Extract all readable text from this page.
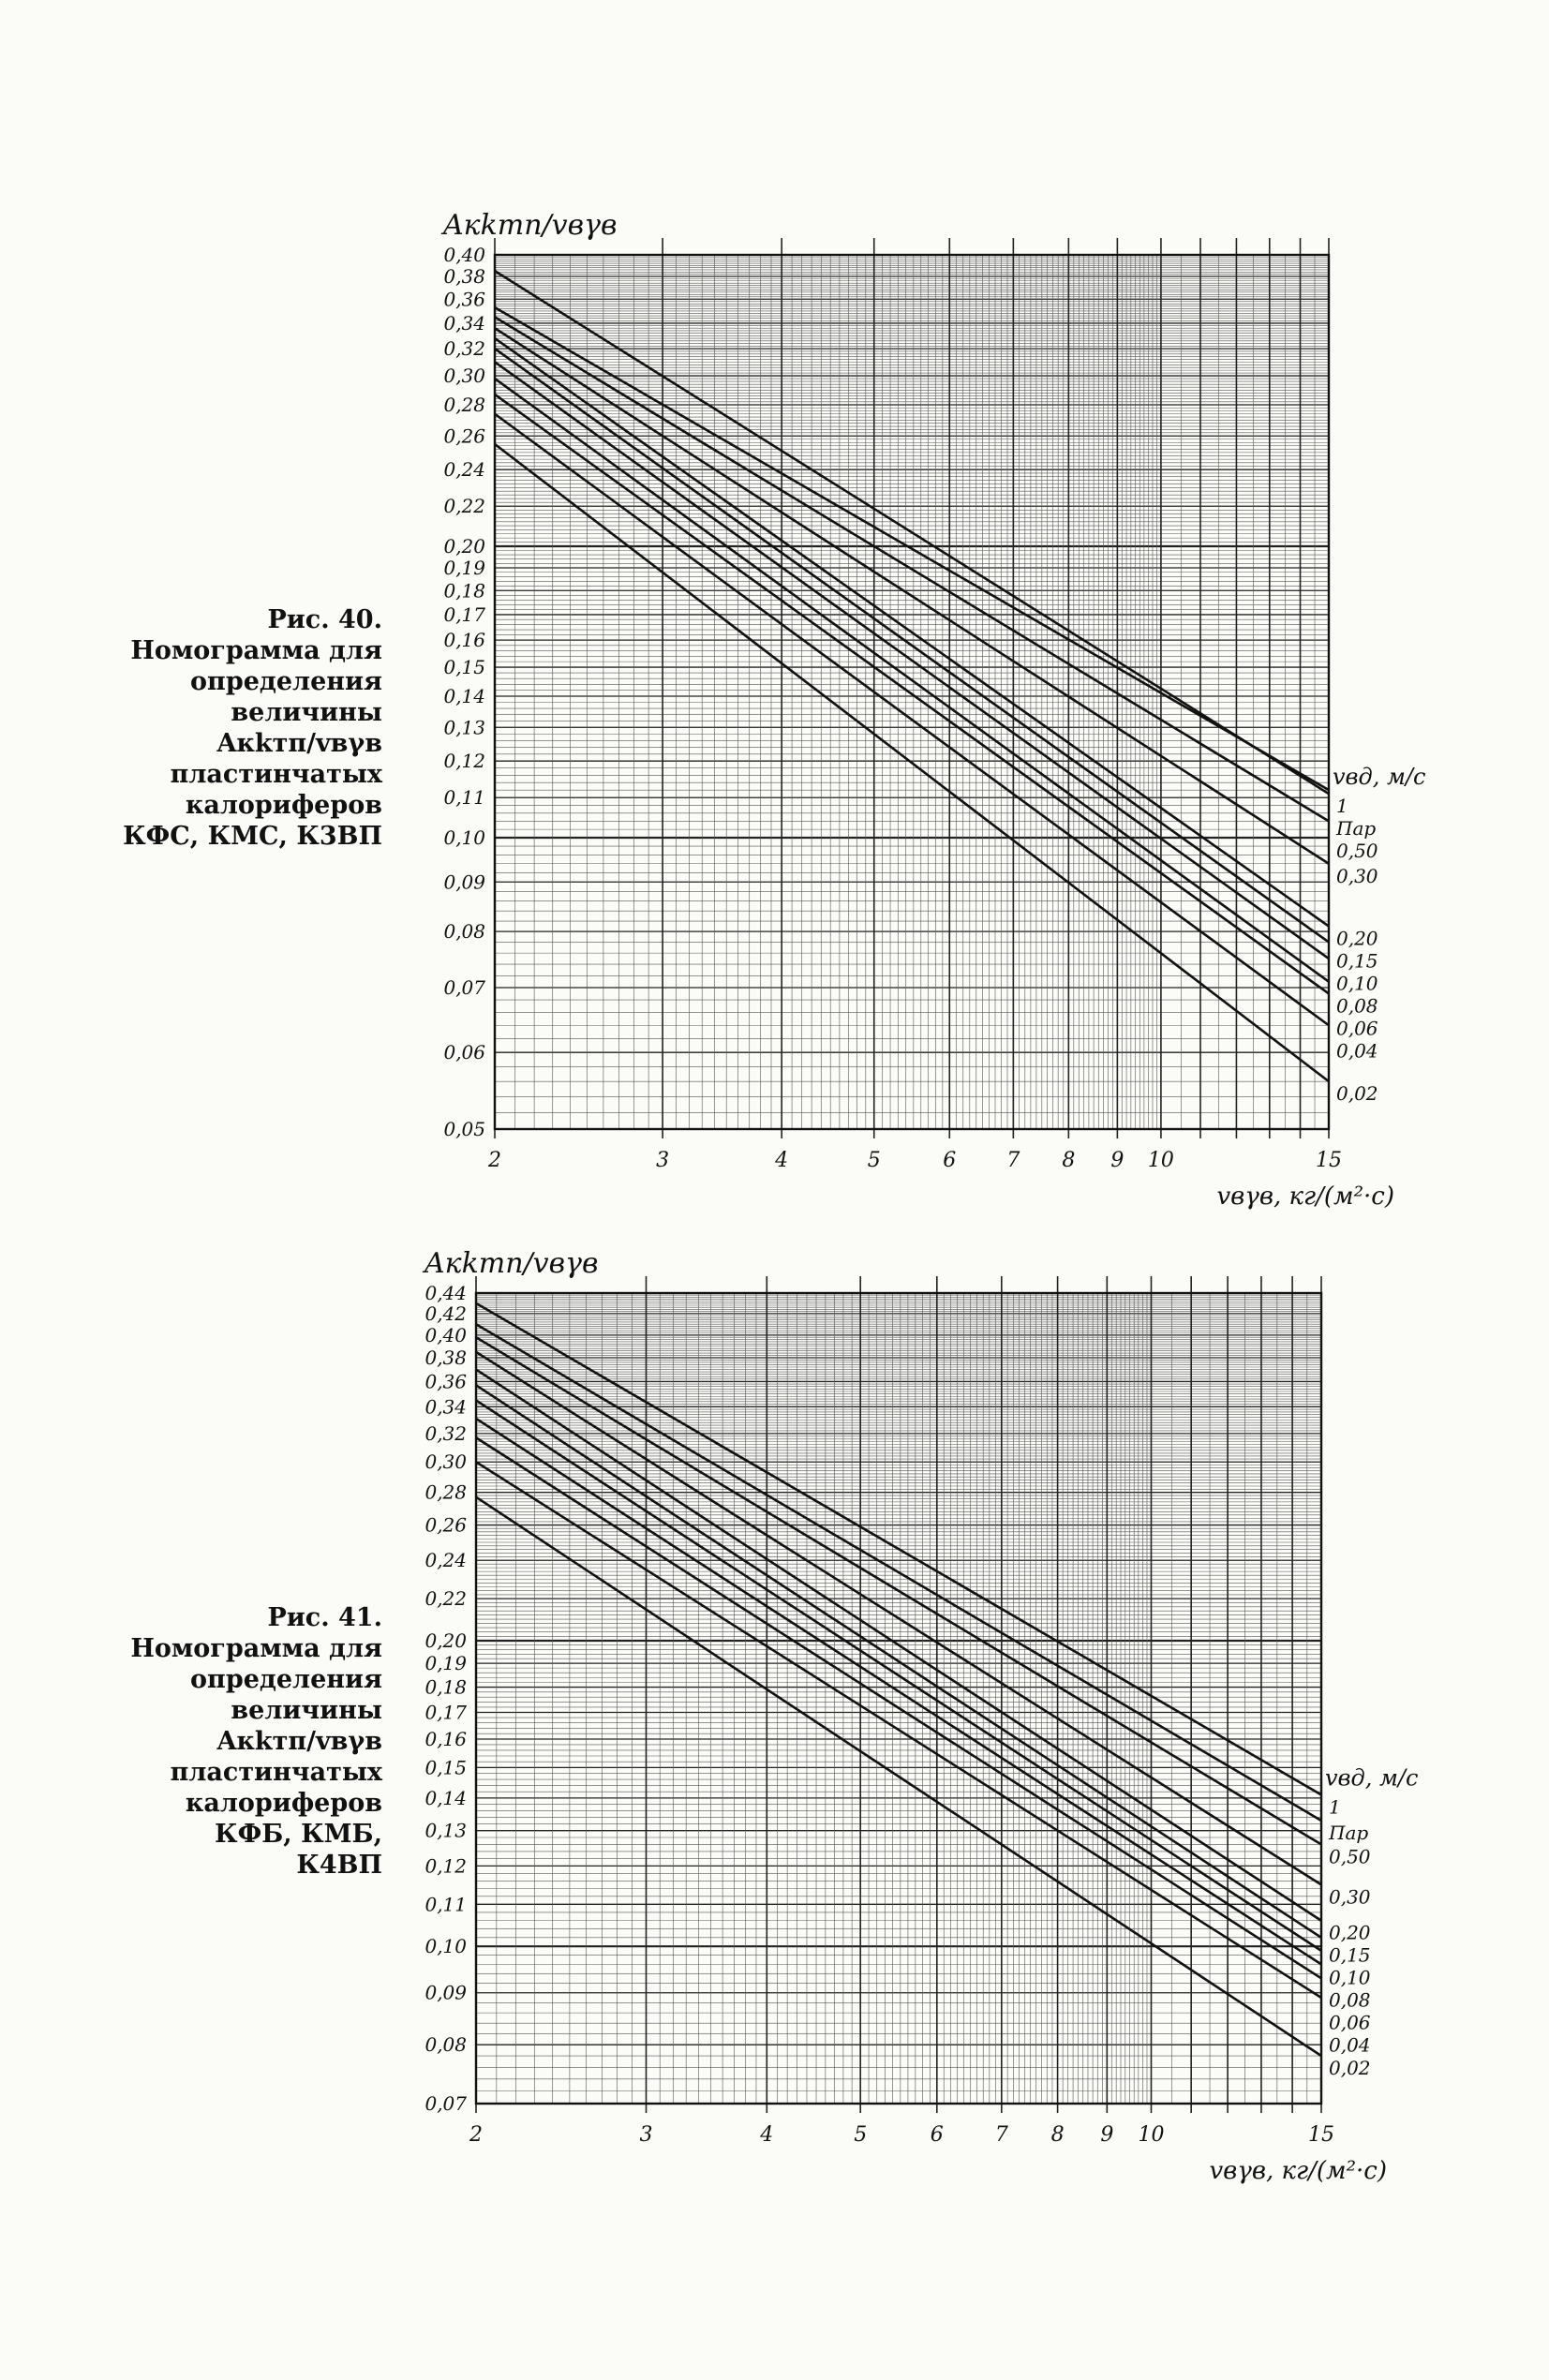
Рис. 40. Номограмма для определения величины Aкkтп/vвγв пластинчатых калориферов КФС, КМС, К3ВП
Рис. 41. Номограмма для определения величины Aкkтп/vвγв пластинчатых калориферов КФБ, КМБ, К4ВП
0,40
0,38
0,36
0,34
0,32
0,30
0,28
0,26
0,24
0,22
0,20
0,19
0,18
0,17
0,16
0,15
0,14
0,13
0,12
0,11
0,10
0,09
0,08
0,07
0,06
0,05
2	3	4	5	6 7 8 9 10	15
Aкkтп/vвγв
vвγв, кг/(м²·с)
1
Пар
0,50
0,30
0,20
0,15
0,10
0,08
0,06
0,04
0,02
vвд, м/с
0,44
0,42
0,40
0,38
0,36
0,34
0,32
0,30
0,28
0,26
0,24
0,22
0,20
0,19
0,18
0,17
0,16
0,15
0,14
0,13
0,12
0,11
0,10
0,09
0,08
0,07
2	3	4	5	6	7 8 9 10	15
Aкkтп/vвγв
vвγв, кг/(м²·с)
1
Пар
0,50
0,30
0,20
0,15
0,10
0,08
0,06
0,04
0,02
vвд, м/с
